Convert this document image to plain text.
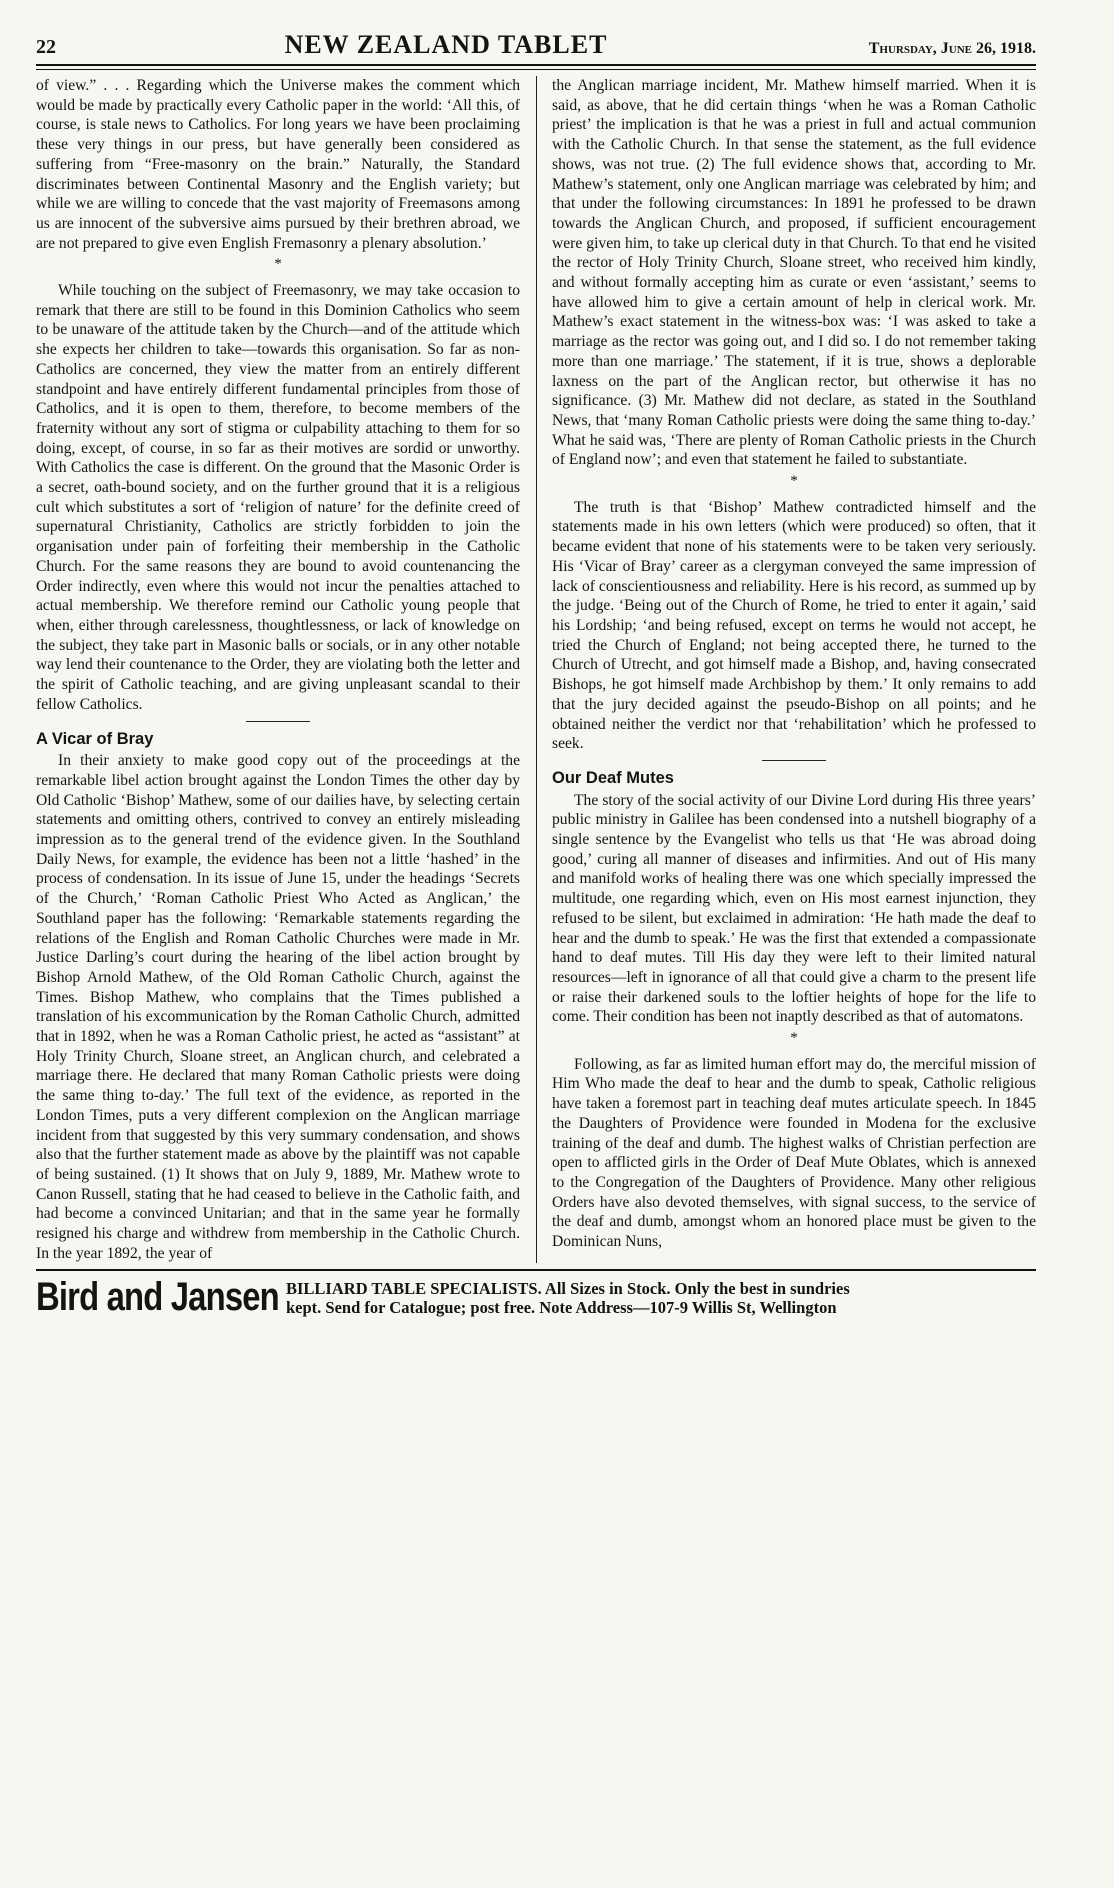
22	NEW ZEALAND TABLET	Thursday, June 26, 1918.

of view.” . . . Regarding which the Universe makes the comment which would be made by practically every Catholic paper in the world: ‘All this, of course, is stale news to Catholics. For long years we have been proclaiming these very things in our press, but have generally been considered as suffering from “Free-masonry on the brain.” Naturally, the Standard discriminates between Continental Masonry and the English variety; but while we are willing to concede that the vast majority of Freemasons among us are innocent of the subversive aims pursued by their brethren abroad, we are not prepared to give even English Fremasonry a plenary absolution.’

*

While touching on the subject of Freemasonry, we may take occasion to remark that there are still to be found in this Dominion Catholics who seem to be unaware of the attitude taken by the Church—and of the attitude which she expects her children to take—towards this organisation. So far as non-Catholics are concerned, they view the matter from an entirely different standpoint and have entirely different fundamental principles from those of Catholics, and it is open to them, therefore, to become members of the fraternity without any sort of stigma or culpability attaching to them for so doing, except, of course, in so far as their motives are sordid or unworthy. With Catholics the case is different. On the ground that the Masonic Order is a secret, oath-bound society, and on the further ground that it is a religious cult which substitutes a sort of ‘religion of nature’ for the definite creed of supernatural Christianity, Catholics are strictly forbidden to join the organisation under pain of forfeiting their membership in the Catholic Church. For the same reasons they are bound to avoid countenancing the Order indirectly, even where this would not incur the penalties attached to actual membership. We therefore remind our Catholic young people that when, either through carelessness, thoughtlessness, or lack of knowledge on the subject, they take part in Masonic balls or socials, or in any other notable way lend their countenance to the Order, they are violating both the letter and the spirit of Catholic teaching, and are giving unpleasant scandal to their fellow Catholics.

A Vicar of Bray

In their anxiety to make good copy out of the proceedings at the remarkable libel action brought against the London Times the other day by Old Catholic ‘Bishop’ Mathew, some of our dailies have, by selecting certain statements and omitting others, contrived to convey an entirely misleading impression as to the general trend of the evidence given. In the Southland Daily News, for example, the evidence has been not a little ‘hashed’ in the process of condensation. In its issue of June 15, under the headings ‘Secrets of the Church,’ ‘Roman Catholic Priest Who Acted as Anglican,’ the Southland paper has the following: ‘Remarkable statements regarding the relations of the English and Roman Catholic Churches were made in Mr. Justice Darling’s court during the hearing of the libel action brought by Bishop Arnold Mathew, of the Old Roman Catholic Church, against the Times. Bishop Mathew, who complains that the Times published a translation of his excommunication by the Roman Catholic Church, admitted that in 1892, when he was a Roman Catholic priest, he acted as “assistant” at Holy Trinity Church, Sloane street, an Anglican church, and celebrated a marriage there. He declared that many Roman Catholic priests were doing the same thing to-day.’ The full text of the evidence, as reported in the London Times, puts a very different complexion on the Anglican marriage incident from that suggested by this very summary condensation, and shows also that the further statement made as above by the plaintiff was not capable of being sustained. (1) It shows that on July 9, 1889, Mr. Mathew wrote to Canon Russell, stating that he had ceased to believe in the Catholic faith, and had become a convinced Unitarian; and that in the same year he formally resigned his charge and withdrew from membership in the Catholic Church. In the year 1892, the year of

the Anglican marriage incident, Mr. Mathew himself married. When it is said, as above, that he did certain things ‘when he was a Roman Catholic priest’ the implication is that he was a priest in full and actual communion with the Catholic Church. In that sense the statement, as the full evidence shows, was not true. (2) The full evidence shows that, according to Mr. Mathew’s statement, only one Anglican marriage was celebrated by him; and that under the following circumstances: In 1891 he professed to be drawn towards the Anglican Church, and proposed, if sufficient encouragement were given him, to take up clerical duty in that Church. To that end he visited the rector of Holy Trinity Church, Sloane street, who received him kindly, and without formally accepting him as curate or even ‘assistant,’ seems to have allowed him to give a certain amount of help in clerical work. Mr. Mathew’s exact statement in the witness-box was: ‘I was asked to take a marriage as the rector was going out, and I did so. I do not remember taking more than one marriage.’ The statement, if it is true, shows a deplorable laxness on the part of the Anglican rector, but otherwise it has no significance. (3) Mr. Mathew did not declare, as stated in the Southland News, that ‘many Roman Catholic priests were doing the same thing to-day.’ What he said was, ‘There are plenty of Roman Catholic priests in the Church of England now’; and even that statement he failed to substantiate.

*

The truth is that ‘Bishop’ Mathew contradicted himself and the statements made in his own letters (which were produced) so often, that it became evident that none of his statements were to be taken very seriously. His ‘Vicar of Bray’ career as a clergyman conveyed the same impression of lack of conscientiousness and reliability. Here is his record, as summed up by the judge. ‘Being out of the Church of Rome, he tried to enter it again,’ said his Lordship; ‘and being refused, except on terms he would not accept, he tried the Church of England; not being accepted there, he turned to the Church of Utrecht, and got himself made a Bishop, and, having consecrated Bishops, he got himself made Archbishop by them.’ It only remains to add that the jury decided against the pseudo-Bishop on all points; and he obtained neither the verdict nor that ‘rehabilitation’ which he professed to seek.

Our Deaf Mutes

The story of the social activity of our Divine Lord during His three years’ public ministry in Galilee has been condensed into a nutshell biography of a single sentence by the Evangelist who tells us that ‘He was abroad doing good,’ curing all manner of diseases and infirmities. And out of His many and manifold works of healing there was one which specially impressed the multitude, one regarding which, even on His most earnest injunction, they refused to be silent, but exclaimed in admiration: ‘He hath made the deaf to hear and the dumb to speak.’ He was the first that extended a compassionate hand to deaf mutes. Till His day they were left to their limited natural resources—left in ignorance of all that could give a charm to the present life or raise their darkened souls to the loftier heights of hope for the life to come. Their condition has been not inaptly described as that of automatons.

*

Following, as far as limited human effort may do, the merciful mission of Him Who made the deaf to hear and the dumb to speak, Catholic religious have taken a foremost part in teaching deaf mutes articulate speech. In 1845 the Daughters of Providence were founded in Modena for the exclusive training of the deaf and dumb. The highest walks of Christian perfection are open to afflicted girls in the Order of Deaf Mute Oblates, which is annexed to the Congregation of the Daughters of Providence. Many other religious Orders have also devoted themselves, with signal success, to the service of the deaf and dumb, amongst whom an honored place must be given to the Dominican Nuns,

Bird and Jansen BILLIARD TABLE SPECIALISTS. All Sizes in Stock. Only the best in sundries
kept. Send for Catalogue; post free. Note Address—107-9 Willis St, Wellington
